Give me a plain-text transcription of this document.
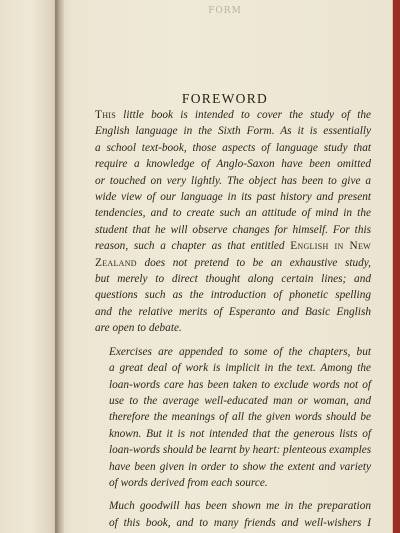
FORM
FOREWORD

This little book is intended to cover the study of the
English language in the Sixth Form. As it is essentially
a school text-book, those aspects of language study that
require a knowledge of Anglo-Saxon have been omitted
or touched on very lightly. The object has been to give a
wide view of our language in its past history and present
tendencies, and to create such an attitude of mind in the
student that he will observe changes for himself. For this
reason, such a chapter as that entitled English in New
Zealand does not pretend to be an exhaustive study,
but merely to direct thought along certain lines; and
questions such as the introduction of phonetic spelling
and the relative merits of Esperanto and Basic English
are open to debate.

Exercises are appended to some of the chapters, but
a great deal of work is implicit in the text. Among the
loan-words care has been taken to exclude words not of
use to the average well-educated man or woman, and
therefore the meanings of all the given words should be
known. But it is not intended that the generous lists of
loan-words should be learnt by heart: plenteous examples
have been given in order to show the extent and variety
of words derived from each source.

Much goodwill has been shown me in the preparation
of this book, and to many friends and well-wishers I
